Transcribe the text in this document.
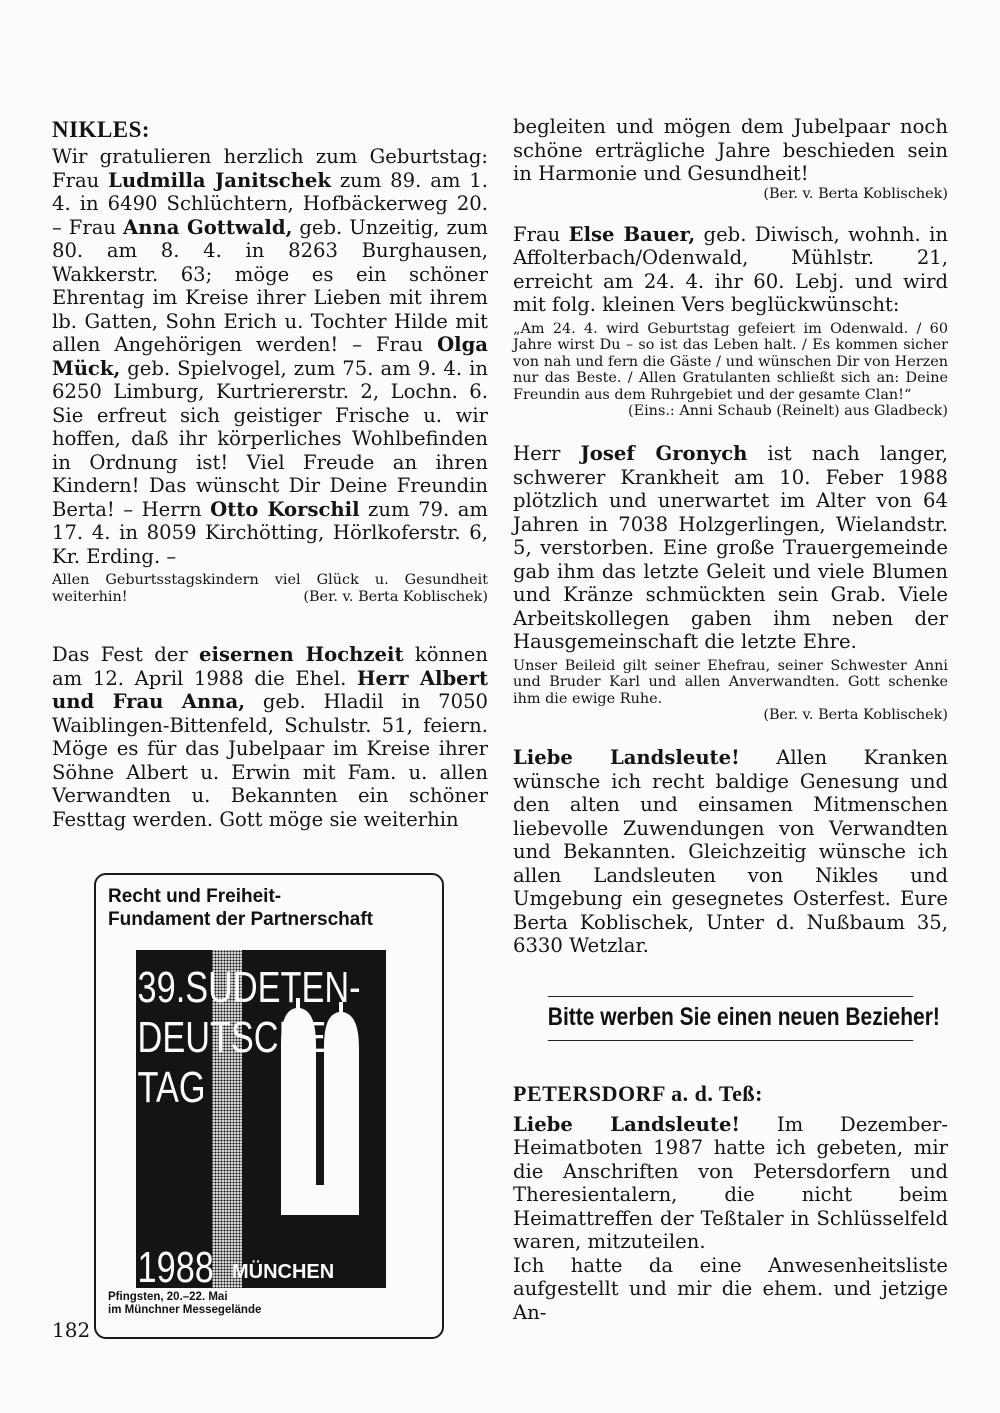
NIKLES:

Wir gratulieren herzlich zum Geburtstag: Frau Ludmilla Janitschek zum 89. am 1. 4. in 6490 Schlüchtern, Hofbäckerweg 20. – Frau Anna Gottwald, geb. Unzeitig, zum 80. am 8. 4. in 8263 Burghausen, Wakkerstr. 63; möge es ein schöner Ehrentag im Kreise ihrer Lieben mit ihrem lb. Gatten, Sohn Erich u. Tochter Hilde mit allen Angehörigen werden! – Frau Olga Mück, geb. Spielvogel, zum 75. am 9. 4. in 6250 Limburg, Kurtriererstr. 2, Lochn. 6. Sie erfreut sich geistiger Frische u. wir hoffen, daß ihr körperliches Wohlbefinden in Ordnung ist! Viel Freude an ihren Kindern! Das wünscht Dir Deine Freundin Berta! – Herrn Otto Korschil zum 79. am 17. 4. in 8059 Kirchötting, Hörlkoferstr. 6, Kr. Erding. –

Allen Geburtsstagskindern viel Glück u. Gesundheit weiterhin!	(Ber. v. Berta Koblischek)

Das Fest der eisernen Hochzeit können am 12. April 1988 die Ehel. Herr Albert und Frau Anna, geb. Hladil in 7050 Waiblingen-Bittenfeld, Schulstr. 51, feiern. Möge es für das Jubelpaar im Kreise ihrer Söhne Albert u. Erwin mit Fam. u. allen Verwandten u. Bekannten ein schöner Festtag werden. Gott möge sie weiterhin

Recht und Freiheit-
Fundament der Partnerschaft
39.SUDETEN-
DEUTSCHER
TAG
1988 MÜNCHEN
Pfingsten, 20.–22. Mai
im Münchner Messegelände

begleiten und mögen dem Jubelpaar noch schöne erträgliche Jahre beschieden sein in Harmonie und Gesundheit!

(Ber. v. Berta Koblischek)

Frau Else Bauer, geb. Diwisch, wohnh. in Affolterbach/Odenwald, Mühlstr. 21, erreicht am 24. 4. ihr 60. Lebj. und wird mit folg. kleinen Vers beglückwünscht:

„Am 24. 4. wird Geburtstag gefeiert im Odenwald. / 60 Jahre wirst Du – so ist das Leben halt. / Es kommen sicher von nah und fern die Gäste / und wünschen Dir von Herzen nur das Beste. / Allen Gratulanten schließt sich an: Deine Freundin aus dem Ruhrgebiet und der gesamte Clan!“

(Eins.: Anni Schaub (Reinelt) aus Gladbeck)

Herr Josef Gronych ist nach langer, schwerer Krankheit am 10. Feber 1988 plötzlich und unerwartet im Alter von 64 Jahren in 7038 Holzgerlingen, Wielandstr. 5, verstorben. Eine große Trauergemeinde gab ihm das letzte Geleit und viele Blumen und Kränze schmückten sein Grab. Viele Arbeitskollegen gaben ihm neben der Hausgemeinschaft die letzte Ehre.

Unser Beileid gilt seiner Ehefrau, seiner Schwester Anni und Bruder Karl und allen Anverwandten. Gott schenke ihm die ewige Ruhe.

(Ber. v. Berta Koblischek)

Liebe Landsleute! Allen Kranken wünsche ich recht baldige Genesung und den alten und einsamen Mitmenschen liebevolle Zuwendungen von Verwandten und Bekannten. Gleichzeitig wünsche ich allen Landsleuten von Nikles und Umgebung ein gesegnetes Osterfest. Eure Berta Koblischek, Unter d. Nußbaum 35, 6330 Wetzlar.

Bitte werben Sie einen neuen Bezieher!

PETERSDORF a. d. Teß:

Liebe Landsleute! Im Dezember-Heimatboten 1987 hatte ich gebeten, mir die Anschriften von Petersdorfern und Theresientalern, die nicht beim Heimattreffen der Teßtaler in Schlüsselfeld waren, mitzuteilen.

Ich hatte da eine Anwesenheitsliste aufgestellt und mir die ehem. und jetzige An-

182
